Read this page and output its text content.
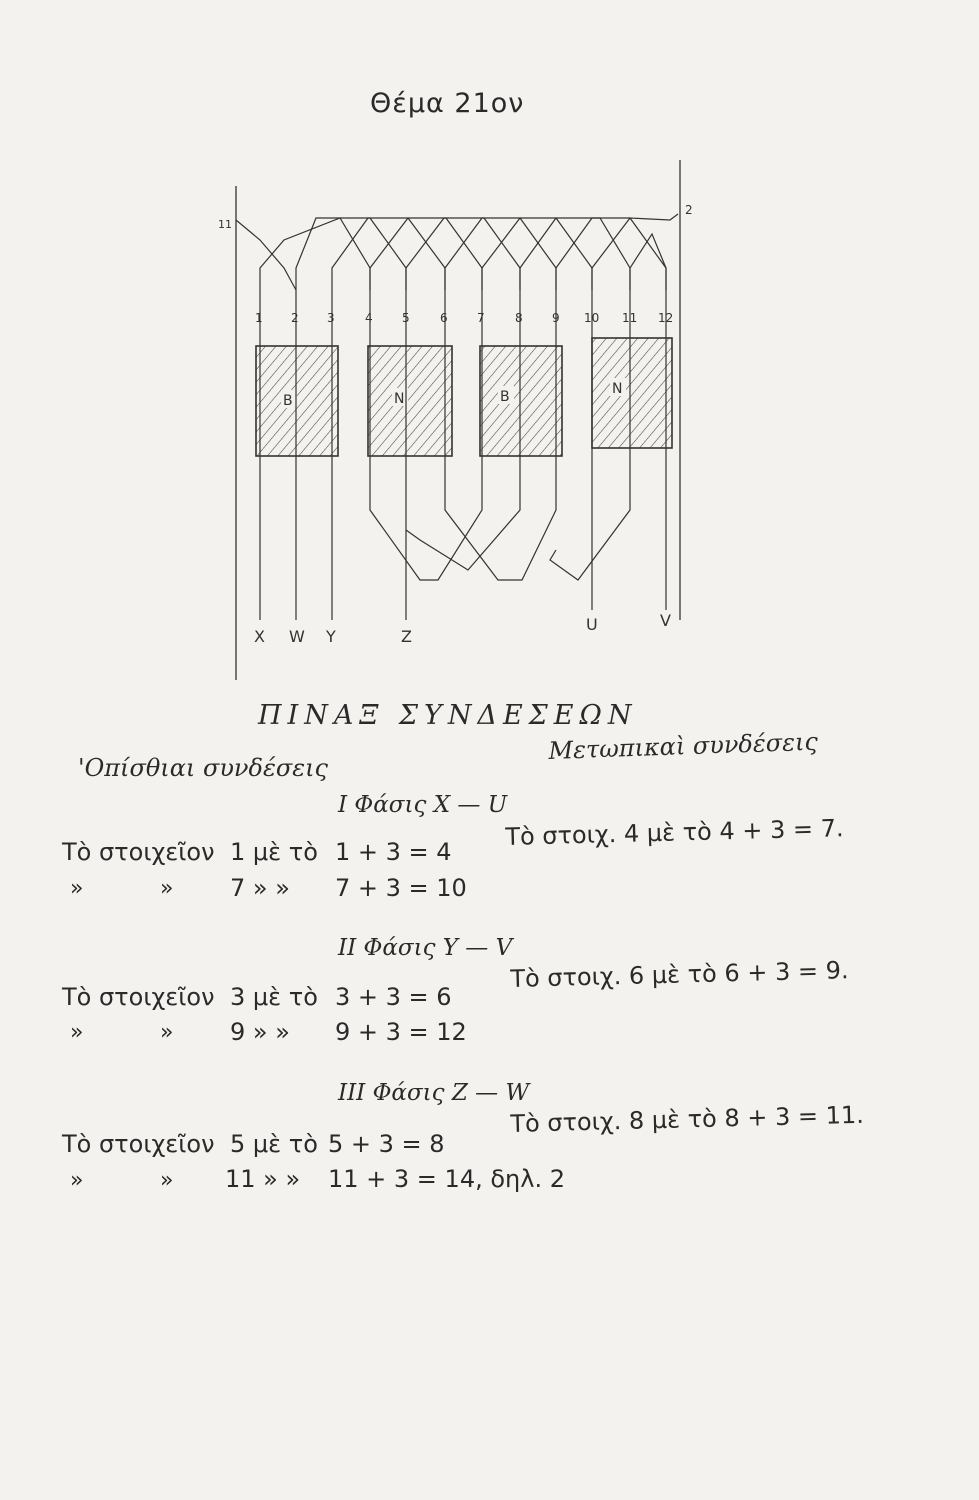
Θέμα 21ον
11
2
1 2 3	4 5	6 7	8 9 10 11 12
B	N	B	N
X W Y	Z
U	V
ΠΙΝΑΞ ΣΥΝΔΕΣΕΩΝ
'Οπίσθιαι συνδέσεις
Μετωπικαὶ συνδέσεις
Ι Φάσις X — U
Τὸ στοιχεῖον 1 μὲ τὸ 1 + 3 = 4
»	» 7 » » 7 + 3 = 10
Τὸ στοιχ. 4 μὲ τὸ 4 + 3 = 7.
ΙΙ Φάσις Y — V
Τὸ στοιχεῖον 3 μὲ τὸ 3 + 3 = 6
»	» 9 » » 9 + 3 = 12
Τὸ στοιχ. 6 μὲ τὸ 6 + 3 = 9.
ΙΙΙ Φάσις Z — W
Τὸ στοιχεῖον 5 μὲ τὸ 5 + 3 = 8
»	» 11 » » 11 + 3 = 14, δηλ. 2
Τὸ στοιχ. 8 μὲ τὸ 8 + 3 = 11.
